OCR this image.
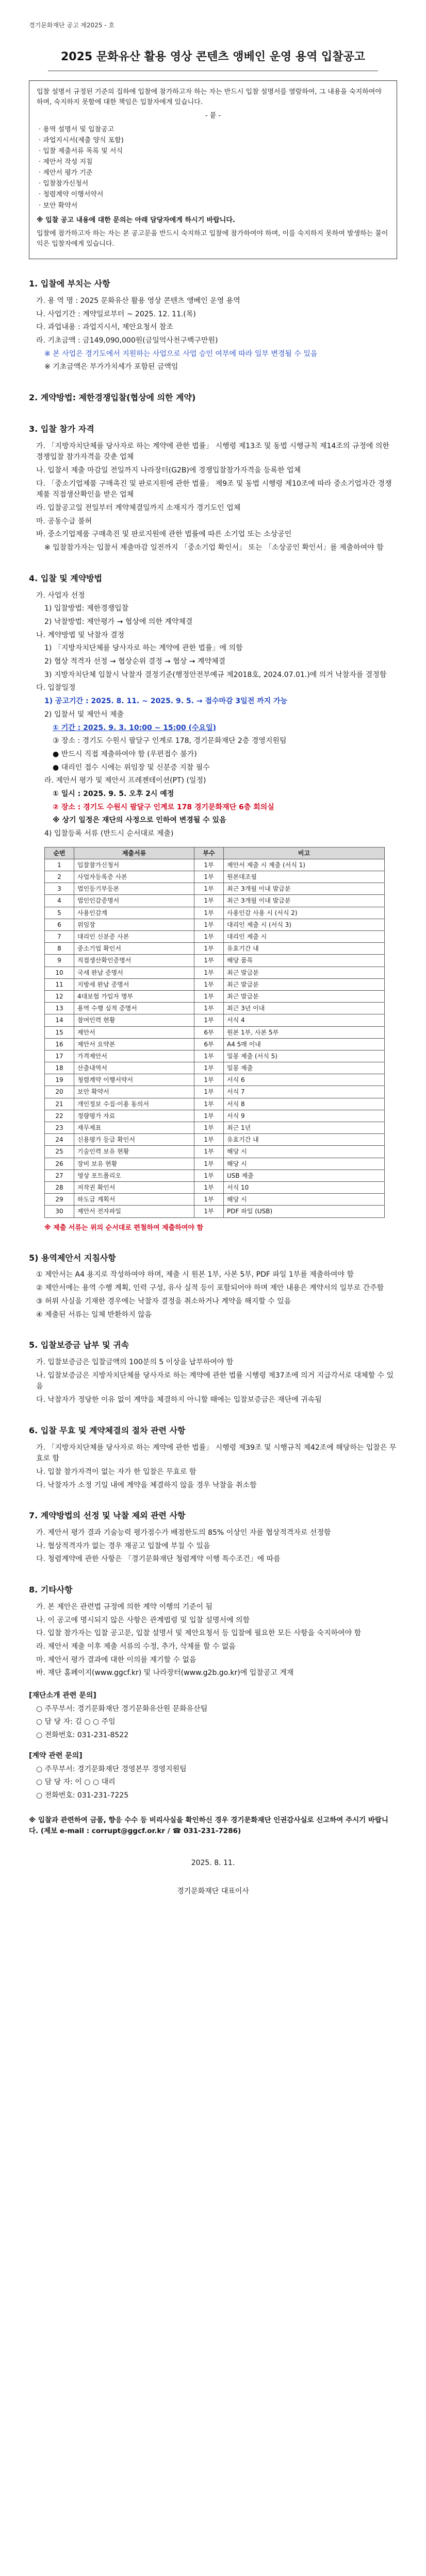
경기문화재단 공고 제2025 - 호
2025 문화유산 활용 영상 콘텐츠 앵베인 운영 용역 입찰공고

입찰 설명서 규정된 기준의 집하에 입찰에 참가하고자 하는 자는 반드시 입찰 설명서를 열람하여, 그 내용을 숙지하여야 하며, 숙지하지 못함에 대한 책임은 입찰자에게 있습니다.

- 붙 -
· 용역 설명서 및 입찰공고
· 과업지시서(제출 양식 포함)
· 입찰 제출서류 목록 및 서식
· 제안서 작성 지침
· 제안서 평가 기준
· 입찰참가신청서
· 청렴계약 이행서약서
· 보안 확약서

※ 입찰 공고 내용에 대한 문의는 아래 담당자에게 하시기 바랍니다.

입찰에 참가하고자 하는 자는 본 공고문을 반드시 숙지하고 입찰에 참가하여야 하며, 이를 숙지하지 못하여 발생하는 불이익은 입찰자에게 있습니다.

1. 입찰에 부치는 사항
가. 용 역 명 : 2025 문화유산 활용 영상 콘텐츠 앵베인 운영 용역
나. 사업기간 : 계약일로부터 ~ 2025. 12. 11.(목)
다. 과업내용 : 과업지시서, 제안요청서 참조
라. 기초금액 : 금149,090,000원(금일억사천구백구만원)
※ 본 사업은 경기도에서 지원하는 사업으로 사업 승인 여부에 따라 일부 변경될 수 있음
※ 기초금액은 부가가치세가 포함된 금액임
2. 계약방법: 제한경쟁입찰(협상에 의한 계약)
3. 입찰 참가 자격
가. 「지방자치단체를 당사자로 하는 계약에 관한 법률」 시행령 제13조 및 동법 시행규칙 제14조의 규정에 의한 경쟁입찰 참가자격을 갖춘 업체
나. 입찰서 제출 마감일 전일까지 나라장터(G2B)에 경쟁입찰참가자격을 등록한 업체
다. 「중소기업제품 구매촉진 및 판로지원에 관한 법률」 제9조 및 동법 시행령 제10조에 따라 중소기업자간 경쟁제품 직접생산확인을 받은 업체
라. 입찰공고일 전일부터 계약체결일까지 소재지가 경기도인 업체
마. 공동수급 불허
바. 중소기업제품 구매촉진 및 판로지원에 관한 법률에 따른 소기업 또는 소상공인
※ 입찰참가자는 입찰서 제출마감 일전까지 「중소기업 확인서」 또는 「소상공인 확인서」를 제출하여야 함
4. 입찰 및 계약방법
가. 사업자 선정
1) 입찰방법: 제한경쟁입찰
2) 낙찰방법: 제안평가 → 협상에 의한 계약체결
나. 계약방법 및 낙찰자 결정
1) 「지방자치단체를 당사자로 하는 계약에 관한 법률」에 의함
2) 협상 적격자 선정 → 협상순위 결정 → 협상 → 계약체결
3) 지방자치단체 입찰시 낙찰자 결정기준(행정안전부예규 제2018호, 2024.07.01.)에 의거 낙찰자를 결정함
다. 입찰일정
1) 공고기간 : 2025. 8. 11. ~ 2025. 9. 5. → 접수마감 3일전 까지 가능
2) 입찰서 및 제안서 제출
① 기간 : 2025. 9. 3. 10:00 ~ 15:00 (수요일)
③ 장소 : 경기도 수원시 팔달구 인계로 178, 경기문화재단 2층 경영지원팀
● 반드시 직접 제출하여야 함 (우편접수 불가)
● 대리인 접수 시에는 위임장 및 신분증 지참 필수
라. 제안서 평가 및 제안서 프레젠테이션(PT) (일정)
① 일시 : 2025. 9. 5. 오후 2시 예정
② 장소 : 경기도 수원시 팔달구 인계로 178 경기문화재단 6층 회의실
※ 상기 일정은 재단의 사정으로 인하여 변경될 수 있음
4) 입찰등록 서류 (반드시 순서대로 제출)
순번	제출서류	부수	비고
1	입찰참가신청서	1부	제안서 제출 시 제출 (서식 1)
2	사업자등록증 사본	1부	원본대조필
3	법인등기부등본	1부	최근 3개월 이내 발급분
4	법인인감증명서	1부	최근 3개월 이내 발급분
5	사용인감계	1부	사용인감 사용 시 (서식 2)
6	위임장	1부	대리인 제출 시 (서식 3)
7	대리인 신분증 사본	1부	대리인 제출 시
8	중소기업 확인서	1부	유효기간 내
9	직접생산확인증명서	1부	해당 품목
10	국세 완납 증명서	1부	최근 발급분
11	지방세 완납 증명서	1부	최근 발급분
12	4대보험 가입자 명부	1부	최근 발급분
13	용역 수행 실적 증명서	1부	최근 3년 이내
14	참여인력 현황	1부	서식 4
15	제안서	6부	원본 1부, 사본 5부
16	제안서 요약본	6부	A4 5매 이내
17	가격제안서	1부	밀봉 제출 (서식 5)
18	산출내역서	1부	밀봉 제출
19	청렴계약 이행서약서	1부	서식 6
20	보안 확약서	1부	서식 7
21	개인정보 수집·이용 동의서	1부	서식 8
22	정량평가 자료	1부	서식 9
23	재무제표	1부	최근 1년
24	신용평가 등급 확인서	1부	유효기간 내
25	기술인력 보유 현황	1부	해당 시
26	장비 보유 현황	1부	해당 시
27	영상 포트폴리오	1부	USB 제출
28	저작권 확인서	1부	서식 10
29	하도급 계획서	1부	해당 시
30	제안서 전자파일	1부	PDF 파일 (USB)
※ 제출 서류는 위의 순서대로 편철하여 제출하여야 함
5) 용역제안서 지침사항
① 제안서는 A4 용지로 작성하여야 하며, 제출 시 원본 1부, 사본 5부, PDF 파일 1부를 제출하여야 함
② 제안서에는 용역 수행 계획, 인력 구성, 유사 실적 등이 포함되어야 하며 제안 내용은 계약서의 일부로 간주함
③ 허위 사실을 기재한 경우에는 낙찰자 결정을 취소하거나 계약을 해지할 수 있음
④ 제출된 서류는 일체 반환하지 않음
5. 입찰보증금 납부 및 귀속
가. 입찰보증금은 입찰금액의 100분의 5 이상을 납부하여야 함
나. 입찰보증금은 지방자치단체를 당사자로 하는 계약에 관한 법률 시행령 제37조에 의거 지급각서로 대체할 수 있음
다. 낙찰자가 정당한 이유 없이 계약을 체결하지 아니할 때에는 입찰보증금은 재단에 귀속됨
6. 입찰 무효 및 계약체결의 절차 관련 사항
가. 「지방자치단체를 당사자로 하는 계약에 관한 법률」 시행령 제39조 및 시행규칙 제42조에 해당하는 입찰은 무효로 함
나. 입찰 참가자격이 없는 자가 한 입찰은 무효로 함
다. 낙찰자가 소정 기일 내에 계약을 체결하지 않을 경우 낙찰을 취소함
7. 계약방법의 선정 및 낙찰 제외 관련 사항
가. 제안서 평가 결과 기술능력 평가점수가 배점한도의 85% 이상인 자를 협상적격자로 선정함
나. 협상적격자가 없는 경우 재공고 입찰에 부칠 수 있음
다. 청렴계약에 관한 사항은 「경기문화재단 청렴계약 이행 특수조건」에 따름
8. 기타사항
가. 본 제안은 관련법 규정에 의한 계약 이행의 기준이 됨
나. 이 공고에 명시되지 않은 사항은 관계법령 및 입찰 설명서에 의함
다. 입찰 참가자는 입찰 공고문, 입찰 설명서 및 제안요청서 등 입찰에 필요한 모든 사항을 숙지하여야 함
라. 제안서 제출 이후 제출 서류의 수정, 추가, 삭제를 할 수 없음
마. 제안서 평가 결과에 대한 이의를 제기할 수 없음
바. 재단 홈페이지(www.ggcf.kr) 및 나라장터(www.g2b.go.kr)에 입찰공고 게재
[재단소개 관련 문의]
○ 주무부서: 경기문화재단 경기문화유산원 문화유산팀
○ 담 당 자: 김 ○ ○ 주임
○ 전화번호: 031-231-8522
[계약 관련 문의]
○ 주무부서: 경기문화재단 경영본부 경영지원팀
○ 담 당 자: 이 ○ ○ 대리
○ 전화번호: 031-231-7225
※ 입찰과 관련하여 금품, 향응 수수 등 비리사실을 확인하신 경우 경기문화재단 인권감사실로 신고하여 주시기 바랍니다. (제보 e-mail : corrupt@ggcf.or.kr / ☎ 031-231-7286)
2025. 8. 11.
경기문화재단 대표이사
